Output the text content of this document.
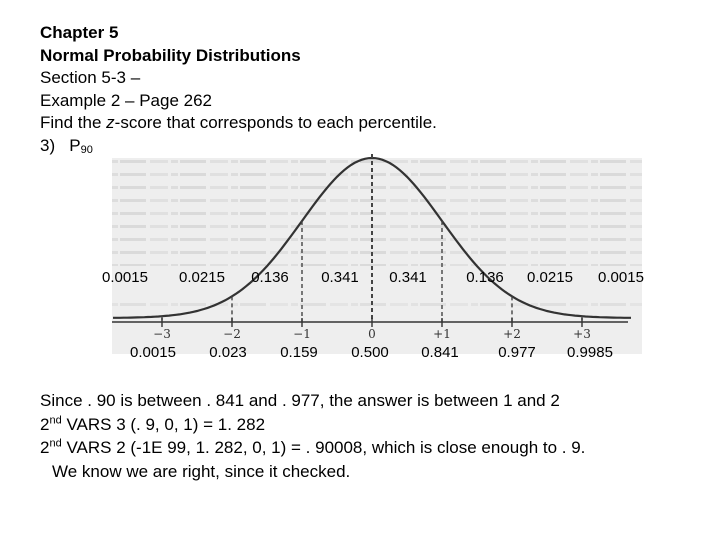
Chapter 5
Normal Probability Distributions
Section 5-3 –
Example 2 – Page 262
Find the z-score that corresponds to each percentile.
3) $P_{90}$
0.0015 0.0215 0.136 0.341 0.341	0.136 0.0215 0.0015
−3	−2	−1	0	+1	+2	+3
0.0015 0.023 0.159 0.500 0.841	0.977 0.9985
Since . 90 is between . 841 and . 977, the answer is between 1 and 2
2nd VARS 3 (. 9, 0, 1) = 1. 282
2nd VARS 2 (-1E 99, 1. 282, 0, 1) = . 90008, which is close enough to . 9.
We know we are right, since it checked.
